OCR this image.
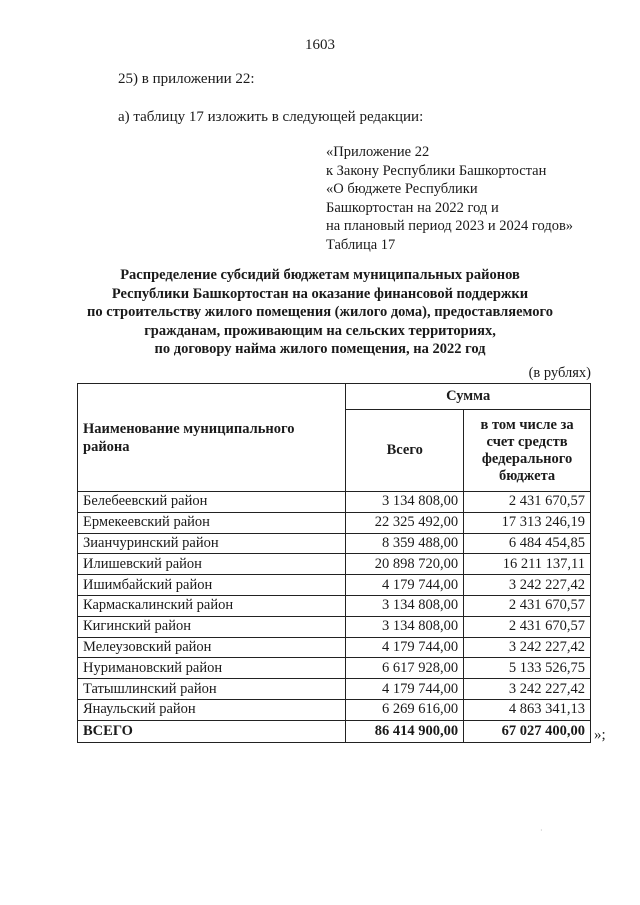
1603
25) в приложении 22:
а) таблицу 17 изложить в следующей редакции:
«Приложение 22
к Закону Республики Башкортостан
«О бюджете Республики
Башкортостан на 2022 год и
на плановый период 2023 и 2024 годов»
Таблица 17
Распределение субсидий бюджетам муниципальных районов
Республики Башкортостан на оказание финансовой поддержки
по строительству жилого помещения (жилого дома), предоставляемого
гражданам, проживающим на сельских территориях,
по договору найма жилого помещения, на 2022 год
(в рублях)
Наименование муниципального района	Сумма	
	Всего	в том числе за счет средств федерального бюджета
Белебеевский район	3 134 808,00	2 431 670,57
Ермекеевский район	22 325 492,00	17 313 246,19
Зианчуринский район	8 359 488,00	6 484 454,85
Илишевский район	20 898 720,00	16 211 137,11
Ишимбайский район	4 179 744,00	3 242 227,42
Кармаскалинский район	3 134 808,00	2 431 670,57
Кигинский район	3 134 808,00	2 431 670,57
Мелеузовский район	4 179 744,00	3 242 227,42
Нуримановский район	6 617 928,00	5 133 526,75
Татышлинский район	4 179 744,00	3 242 227,42
Янаульский район	6 269 616,00	4 863 341,13
ВСЕГО	86 414 900,00	67 027 400,00 »;
·
